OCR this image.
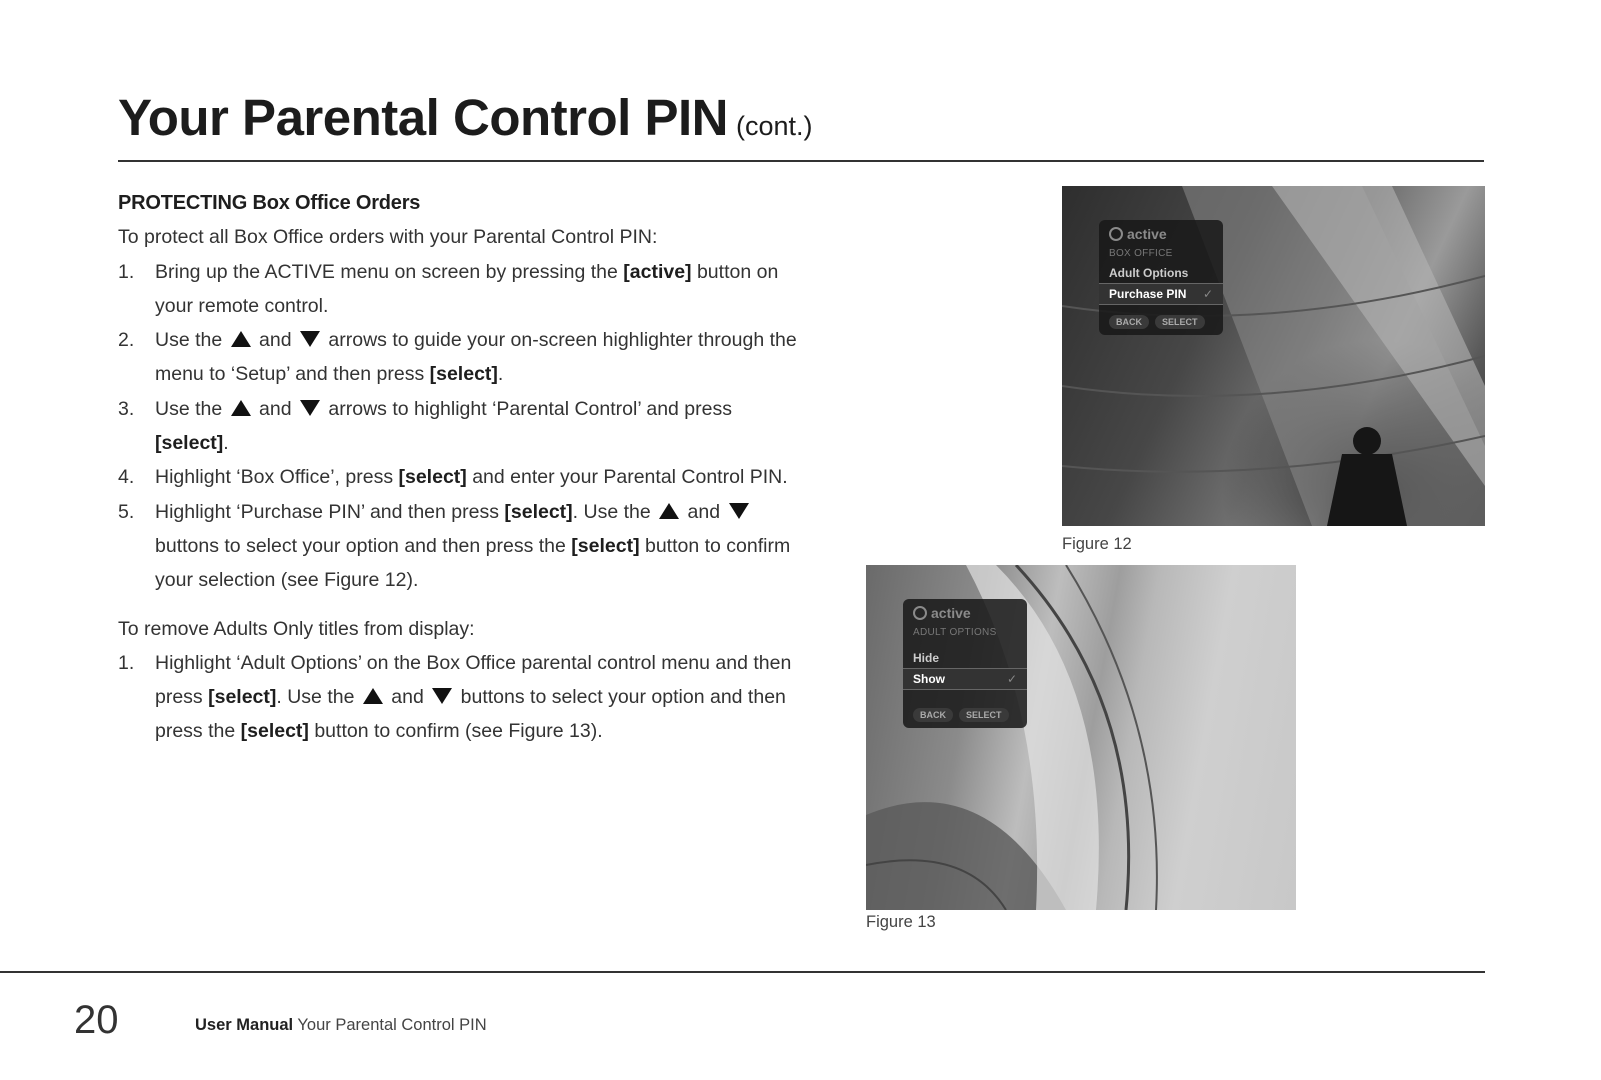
Your Parental Control PIN (cont.)
PROTECTING Box Office Orders
To protect all Box Office orders with your Parental Control PIN:
1.	Bring up the ACTIVE menu on screen by pressing the [active] button on your remote control.
2.	Use the  and  arrows to guide your on-screen highlighter through the menu to ‘Setup’ and then press [select].
3.	Use the  and  arrows to highlight ‘Parental Control’ and press [select].
4.	Highlight ‘Box Office’, press [select] and enter your Parental Control PIN.
5.	Highlight ‘Purchase PIN’ and then press [select]. Use the  and  buttons to select your option and then press the [select] button to confirm your selection (see Figure 12).
To remove Adults Only titles from display:
1.	Highlight ‘Adult Options’ on the Box Office parental control menu and then press [select]. Use the  and  buttons to select your option and then press the [select] button to confirm (see Figure 13).
active
BOX OFFICE
Adult Options
Purchase PIN ✓
BACK	SELECT
Figure 12
active
ADULT OPTIONS
Hide
Show	✓
BACK	SELECT
Figure 13
20	User Manual Your Parental Control PIN
